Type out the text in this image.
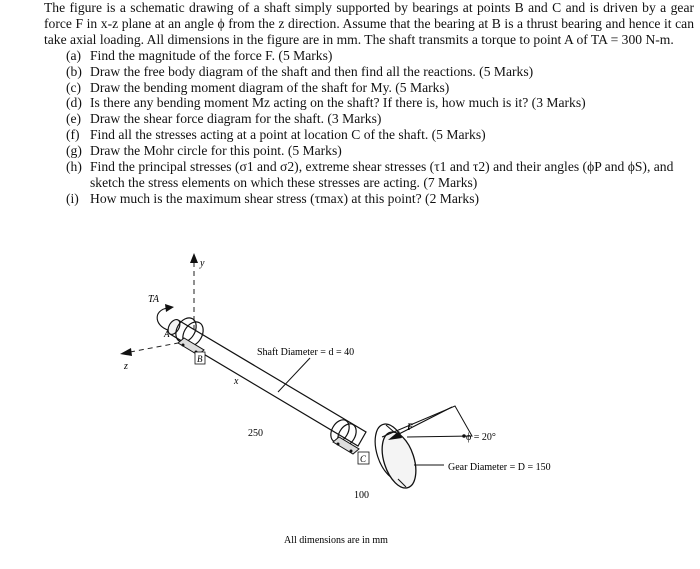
The figure is a schematic drawing of a shaft simply supported by bearings at points B and C and is driven by a gear force F in x-z plane at an angle ϕ from the z direction. Assume that the bearing at B is a thrust bearing and hence it can take axial loading. All dimensions in the figure are in mm. The shaft transmits a torque to point A of TA = 300 N-m.

(a) Find the magnitude of the force F. (5 Marks)
(b) Draw the free body diagram of the shaft and then find all the reactions. (5 Marks)
(c) Draw the bending moment diagram of the shaft for My. (5 Marks)
(d) Is there any bending moment Mz acting on the shaft? If there is, how much is it? (3 Marks)
(e) Draw the shear force diagram for the shaft. (3 Marks)
(f) Find all the stresses acting at a point at location C of the shaft. (5 Marks)
(g) Draw the Mohr circle for this point. (5 Marks)
(h) Find the principal stresses (σ1 and σ2), extreme shear stresses (τ1 and τ2) and their angles (ϕP and ϕS), and sketch the stress elements on which these stresses are acting. (7 Marks)
(i) How much is the maximum shear stress (τmax) at this point? (2 Marks)
y
z
x
TA
A
B
Shaft Diameter = d = 40
250
C
F
ϕ = 20°
Gear Diameter = D = 150
100
All dimensions are in mm
